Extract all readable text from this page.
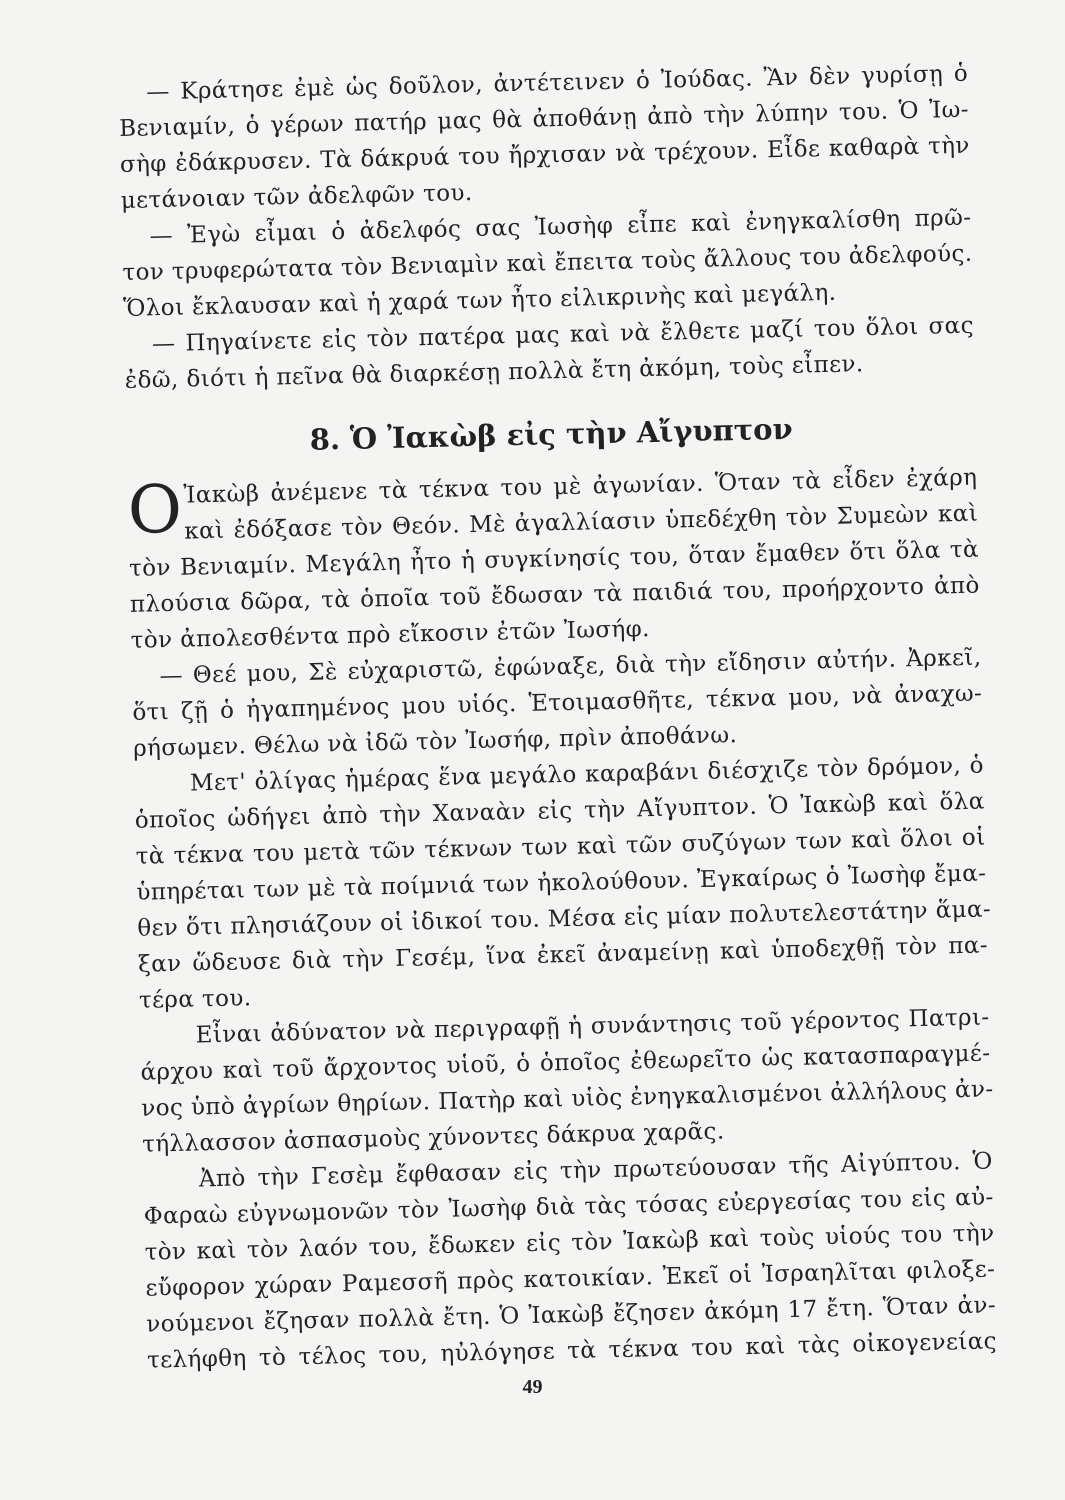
— Κράτησε ἐμὲ ὡς δοῦλον, ἀντέτεινεν ὁ Ἰούδας. Ἂν δὲν γυρίσῃ ὁ
Βενιαμίν, ὁ γέρων πατήρ μας θὰ ἀποθάνῃ ἀπὸ τὴν λύπην του. Ὁ Ἰω-
σὴφ ἐδάκρυσεν. Τὰ δάκρυά του ἤρχισαν νὰ τρέχουν. Εἶδε καθαρὰ τὴν
μετάνοιαν τῶν ἀδελφῶν του.
— Ἐγὼ εἶμαι ὁ ἀδελφός σας Ἰωσὴφ εἶπε καὶ ἐνηγκαλίσθη πρῶ-
τον τρυφερώτατα τὸν Βενιαμὶν καὶ ἔπειτα τοὺς ἄλλους του ἀδελφούς.
Ὅλοι ἔκλαυσαν καὶ ἡ χαρά των ἦτο εἰλικρινὴς καὶ μεγάλη.
— Πηγαίνετε εἰς τὸν πατέρα μας καὶ νὰ ἔλθετε μαζί του ὅλοι σας
ἐδῶ, διότι ἡ πεῖνα θὰ διαρκέσῃ πολλὰ ἔτη ἀκόμη, τοὺς εἶπεν.
8. Ὁ Ἰακὼβ εἰς τὴν Αἴγυπτον
Ο Ἰακὼβ ἀνέμενε τὰ τέκνα του μὲ ἀγωνίαν. Ὅταν τὰ εἶδεν ἐχάρη
καὶ ἐδόξασε τὸν Θεόν. Μὲ ἀγαλλίασιν ὑπεδέχθη τὸν Συμεὼν καὶ
τὸν Βενιαμίν. Μεγάλη ἦτο ἡ συγκίνησίς του, ὅταν ἔμαθεν ὅτι ὅλα τὰ
πλούσια δῶρα, τὰ ὁποῖα τοῦ ἔδωσαν τὰ παιδιά του, προήρχοντο ἀπὸ
τὸν ἀπολεσθέντα πρὸ εἴκοσιν ἐτῶν Ἰωσήφ.
— Θεέ μου, Σὲ εὐχαριστῶ, ἐφώναξε, διὰ τὴν εἴδησιν αὐτήν. Ἀρκεῖ,
ὅτι ζῇ ὁ ἠγαπημένος μου υἱός. Ἑτοιμασθῆτε, τέκνα μου, νὰ ἀναχω-
ρήσωμεν. Θέλω νὰ ἰδῶ τὸν Ἰωσήφ, πρὶν ἀποθάνω.
Μετ' ὀλίγας ἡμέρας ἕνα μεγάλο καραβάνι διέσχιζε τὸν δρόμον, ὁ
ὁποῖος ὡδήγει ἀπὸ τὴν Χαναὰν εἰς τὴν Αἴγυπτον. Ὁ Ἰακὼβ καὶ ὅλα
τὰ τέκνα του μετὰ τῶν τέκνων των καὶ τῶν συζύγων των καὶ ὅλοι οἱ
ὑπηρέται των μὲ τὰ ποίμνιά των ἠκολούθουν. Ἐγκαίρως ὁ Ἰωσὴφ ἔμα-
θεν ὅτι πλησιάζουν οἱ ἰδικοί του. Μέσα εἰς μίαν πολυτελεστάτην ἅμα-
ξαν ὥδευσε διὰ τὴν Γεσέμ, ἵνα ἐκεῖ ἀναμείνῃ καὶ ὑποδεχθῇ τὸν πα-
τέρα του.
Εἶναι ἀδύνατον νὰ περιγραφῇ ἡ συνάντησις τοῦ γέροντος Πατρι-
άρχου καὶ τοῦ ἄρχοντος υἱοῦ, ὁ ὁποῖος ἐθεωρεῖτο ὡς κατασπαραγμέ-
νος ὑπὸ ἀγρίων θηρίων. Πατὴρ καὶ υἱὸς ἐνηγκαλισμένοι ἀλλήλους ἀν-
τήλλασσον ἀσπασμοὺς χύνοντες δάκρυα χαρᾶς.
Ἀπὸ τὴν Γεσὲμ ἔφθασαν εἰς τὴν πρωτεύουσαν τῆς Αἰγύπτου. Ὁ
Φαραὼ εὐγνωμονῶν τὸν Ἰωσὴφ διὰ τὰς τόσας εὐεργεσίας του εἰς αὐ-
τὸν καὶ τὸν λαόν του, ἔδωκεν εἰς τὸν Ἰακὼβ καὶ τοὺς υἱούς του τὴν
εὔφορον χώραν Ραμεσσῆ πρὸς κατοικίαν. Ἐκεῖ οἱ Ἰσραηλῖται φιλοξε-
νούμενοι ἔζησαν πολλὰ ἔτη. Ὁ Ἰακὼβ ἔζησεν ἀκόμη 17 ἔτη. Ὅταν ἀν-
τελήφθη τὸ τέλος του, ηὐλόγησε τὰ τέκνα του καὶ τὰς οἰκογενείας
49
